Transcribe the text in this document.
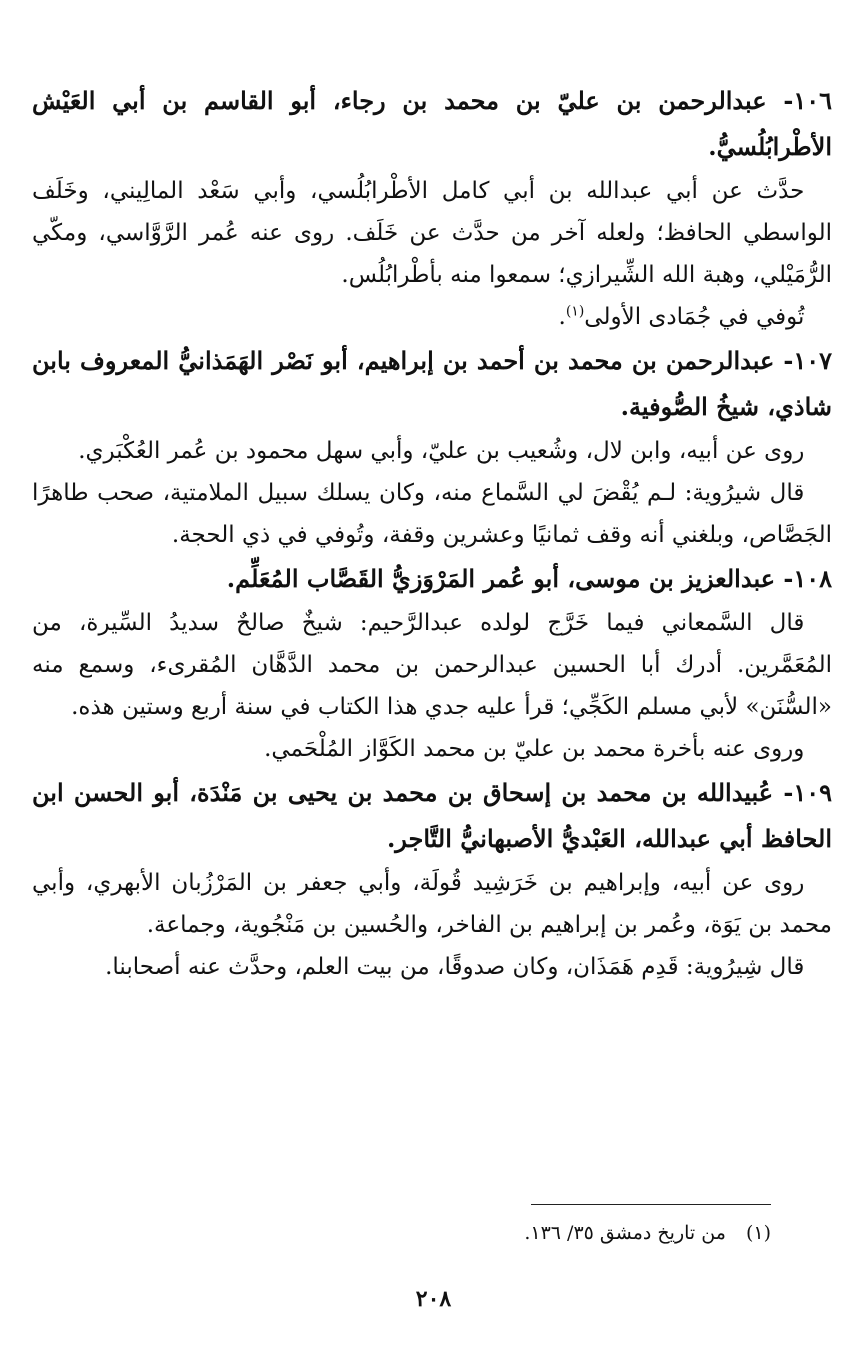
١٠٦- عبدالرحمن بن عليّ بن محمد بن رجاء، أبو القاسم بن أبي العَيْش الأطْرابُلُسيُّ.

حدَّث عن أبي عبدالله بن أبي كامل الأطْرابُلُسي، وأبي سَعْد المالِيني، وخَلَف الواسطي الحافظ؛ ولعله آخر من حدَّث عن خَلَف. روى عنه عُمر الرَّوَّاسي، ومكّي الرُّمَيْلي، وهبة الله الشِّيرازي؛ سمعوا منه بأطْرابُلُس.

تُوفي في جُمَادى الأولى$^{(١)}$.

١٠٧- عبدالرحمن بن محمد بن أحمد بن إبراهيم، أبو نَصْر الهَمَذانيُّ المعروف بابن شاذي، شيخُ الصُّوفية.

روى عن أبيه، وابن لال، وشُعيب بن عليّ، وأبي سهل محمود بن عُمر العُكْبَري.

قال شيرُوية: لـم يُقْضَ لي السَّماع منه، وكان يسلك سبيل الملامتية، صحب طاهرًا الجَصَّاص، وبلغني أنه وقف ثمانيًا وعشرين وقفة، وتُوفي في ذي الحجة.

١٠٨- عبدالعزيز بن موسى، أبو عُمر المَرْوَزيُّ القَصَّاب المُعَلِّم.

قال السَّمعاني فيما خَرَّج لولده عبدالرَّحيم: شيخٌ صالحٌ سديدُ السِّيرة، من المُعَمَّرين. أدرك أبا الحسين عبدالرحمن بن محمد الدَّهَّان المُقرىء، وسمع منه «السُّنَن» لأبي مسلم الكَجِّي؛ قرأ عليه جدي هذا الكتاب في سنة أربع وستين هذه.

وروى عنه بأخرة محمد بن عليّ بن محمد الكَوَّاز المُلْحَمي.

١٠٩- عُبيدالله بن محمد بن إسحاق بن محمد بن يحيى بن مَنْدَة، أبو الحسن ابن الحافظ أبي عبدالله، العَبْديُّ الأصبهانيُّ التَّاجر.

روى عن أبيه، وإبراهيم بن خَرَشِيد قُولَة، وأبي جعفر بن المَرْزُبان الأبهري، وأبي محمد بن يَوَة، وعُمر بن إبراهيم بن الفاخر، والحُسين بن مَنْجُوية، وجماعة.

قال شِيرُوية: قَدِم هَمَذَان، وكان صدوقًا، من بيت العلم، وحدَّث عنه أصحابنا.

(١) من تاريخ دمشق ٣٥/ ١٣٦.
٢٠٨
